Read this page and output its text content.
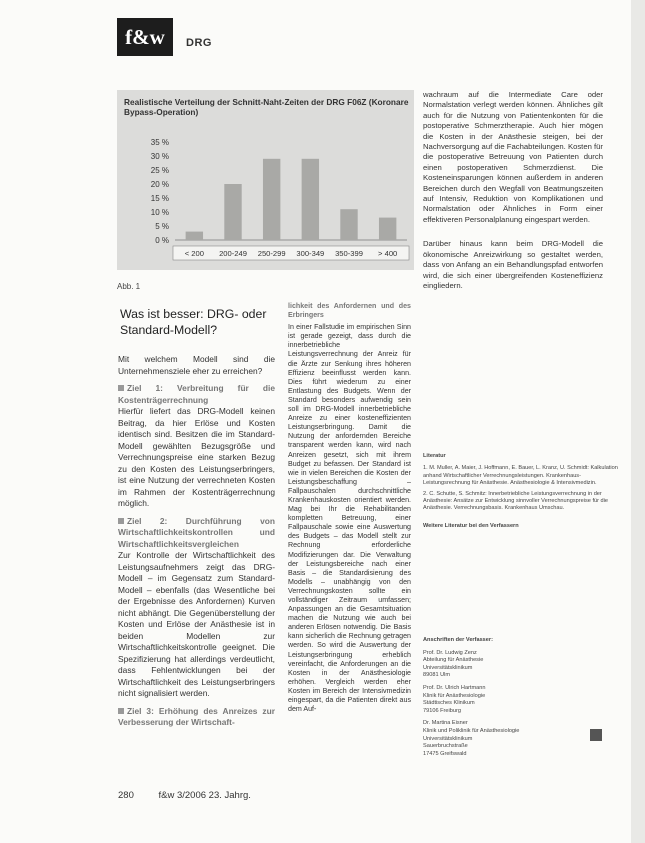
f&w	DRG
Realistische Verteilung der Schnitt-Naht-Zeiten der DRG F06Z (Koronare Bypass-Operation)
35 %
30 %
25 %
20 %
15 %
10 %
5 %
0 %
< 200 200-249 250-299 300-349 350-399 > 400
Abb. 1
Was ist besser: DRG- oder Standard-Modell?

Mit welchem Modell sind die Unternehmensziele eher zu erreichen?

Ziel 1: Verbreitung für die Kostenträgerrechnung

Hierfür liefert das DRG-Modell keinen Beitrag, da hier Erlöse und Kosten identisch sind. Besitzen die im Standard-Modell gewählten Bezugsgröße und Verrechnungspreise eine starken Bezug zu den Kosten des Leistungserbringers, ist eine Nutzung der verrechneten Kosten im Rahmen der Kostenträgerrechnung möglich.

Ziel 2: Durchführung von Wirtschaftlichkeitskontrollen und Wirtschaftlichkeitsvergleichen

Zur Kontrolle der Wirtschaftlichkeit des Leistungsaufnehmers zeigt das DRG-Modell – im Gegensatz zum Standard-Modell – ebenfalls (das Wesentliche bei der Ergebnisse des Anfordernen) Kurven nicht abhängt. Die Gegenüberstellung der Kosten und Erlöse der Anästhesie ist in beiden Modellen zur Wirtschaftlichkeitskontrolle geeignet. Die Spezifizierung hat allerdings verdeutlicht, dass Fehlentwicklungen bei der Wirtschaftlichkeit des Leistungserbringers nicht signalisiert werden.

Ziel 3: Erhöhung des Anreizes zur Verbesserung der Wirtschaft-

lichkeit des Anfordernen und des Erbringers

In einer Fallstudie im empirischen Sinn ist gerade gezeigt, dass durch die innerbetriebliche Leistungsverrechnung der Anreiz für die Ärzte zur Senkung ihres höheren Effizienz beeinflusst werden kann. Dies führt wiederum zu einer Entlastung des Budgets. Wenn der Standard besonders aufwendig sein soll im DRG-Modell innerbetriebliche Anreize zu einer kosteneffizienten Leistungserbringung. Damit die Nutzung der anfordernden Bereiche transparent werden kann, wird nach Anreizen gesetzt, sich mit ihrem Budget zu befassen. Der Standard ist wie in vielen Bereichen die Kosten der Leistungsbeschaffung – Fallpauschalen durchschnittliche Krankenhauskosten orientiert werden. Mag bei Ihr die Rehabilitanden kompletten Betreuung, einer Fallpauschale sowie eine Auswertung des Budgets – das Modell stellt zur Rechnung erforderliche Modifizierungen dar. Die Verwaltung der Leistungsbereiche nach einer Basis – die Standardisierung des Modells – unabhängig von den Verrechnungskosten sollte ein vollständiger Zeitraum umfassen; Anpassungen an die Gesamtsituation machen die Nutzung wie auch bei anderen Erlösen notwendig. Die Basis kann sicherlich die Rechnung getragen werden. So wird die Auswertung der Leistungserbringung erheblich vereinfacht, die Anforderungen an die Kosten in der Anästhesiologie erhöhen. Vergleich werden eher Kosten im Bereich der Intensivmedizin eingespart, da die Patienten direkt aus dem Auf-

wachraum auf die Intermediate Care oder Normalstation verlegt werden können. Ähnliches gilt auch für die Nutzung von Patientenkonten für die postoperative Schmerztherapie. Auch hier mögen die Kosten in der Anästhesie steigen, bei der Nachversorgung auf die Fachabteilungen. Kosten für die postoperative Betreuung von Patienten durch einen postoperativen Schmerzdienst. Die Kosteneinsparungen können außerdem in anderen Bereichen durch den Wegfall von Beatmungszeiten auf Intensiv, Reduktion von Komplikationen und Normalstation oder Ähnliches in Form einer effektiveren Personalplanung eingespart werden.

Darüber hinaus kann beim DRG-Modell die ökonomische Anreizwirkung so gestaltet werden, dass von Anfang an ein Behandlungspfad entworfen wird, die sich einer übergreifenden Kosteneffizienz eingliedern.

Literatur

1. M. Muller, A. Maier, J. Hoffmann, E. Bauer, L. Kranz, U. Schmidt: Kalkulation anhand Wirtschaftlicher Verrechnungsleistungen. Krankenhaus-Leistungsrechnung für Anästhesie. Anästhesiologie & Intensivmedizin.

2. C. Schutte, S. Schmitz: Innerbetriebliche Leistungsverrechnung in der Anästhesie: Ansätze zur Entwicklung sinnvoller Verrechnungspreise für die Anästhesie. Verrechnungsbasis. Krankenhaus Umschau.

Weitere Literatur bei den Verfassern

Anschriften der Verfasser:

Prof. Dr. Ludwig Zenz
Abteilung für Anästhesie
Universitätsklinikum
89081 Ulm

Prof. Dr. Ulrich Hartmann
Klinik für Anästhesiologie
Städtisches Klinikum
79106 Freiburg

Dr. Martina Eisner
Klinik und Poliklinik für Anästhesiologie
Universitätsklinikum
Sauerbruchstraße
17475 Greifswald

280	f&w 3/2006 23. Jahrg.
